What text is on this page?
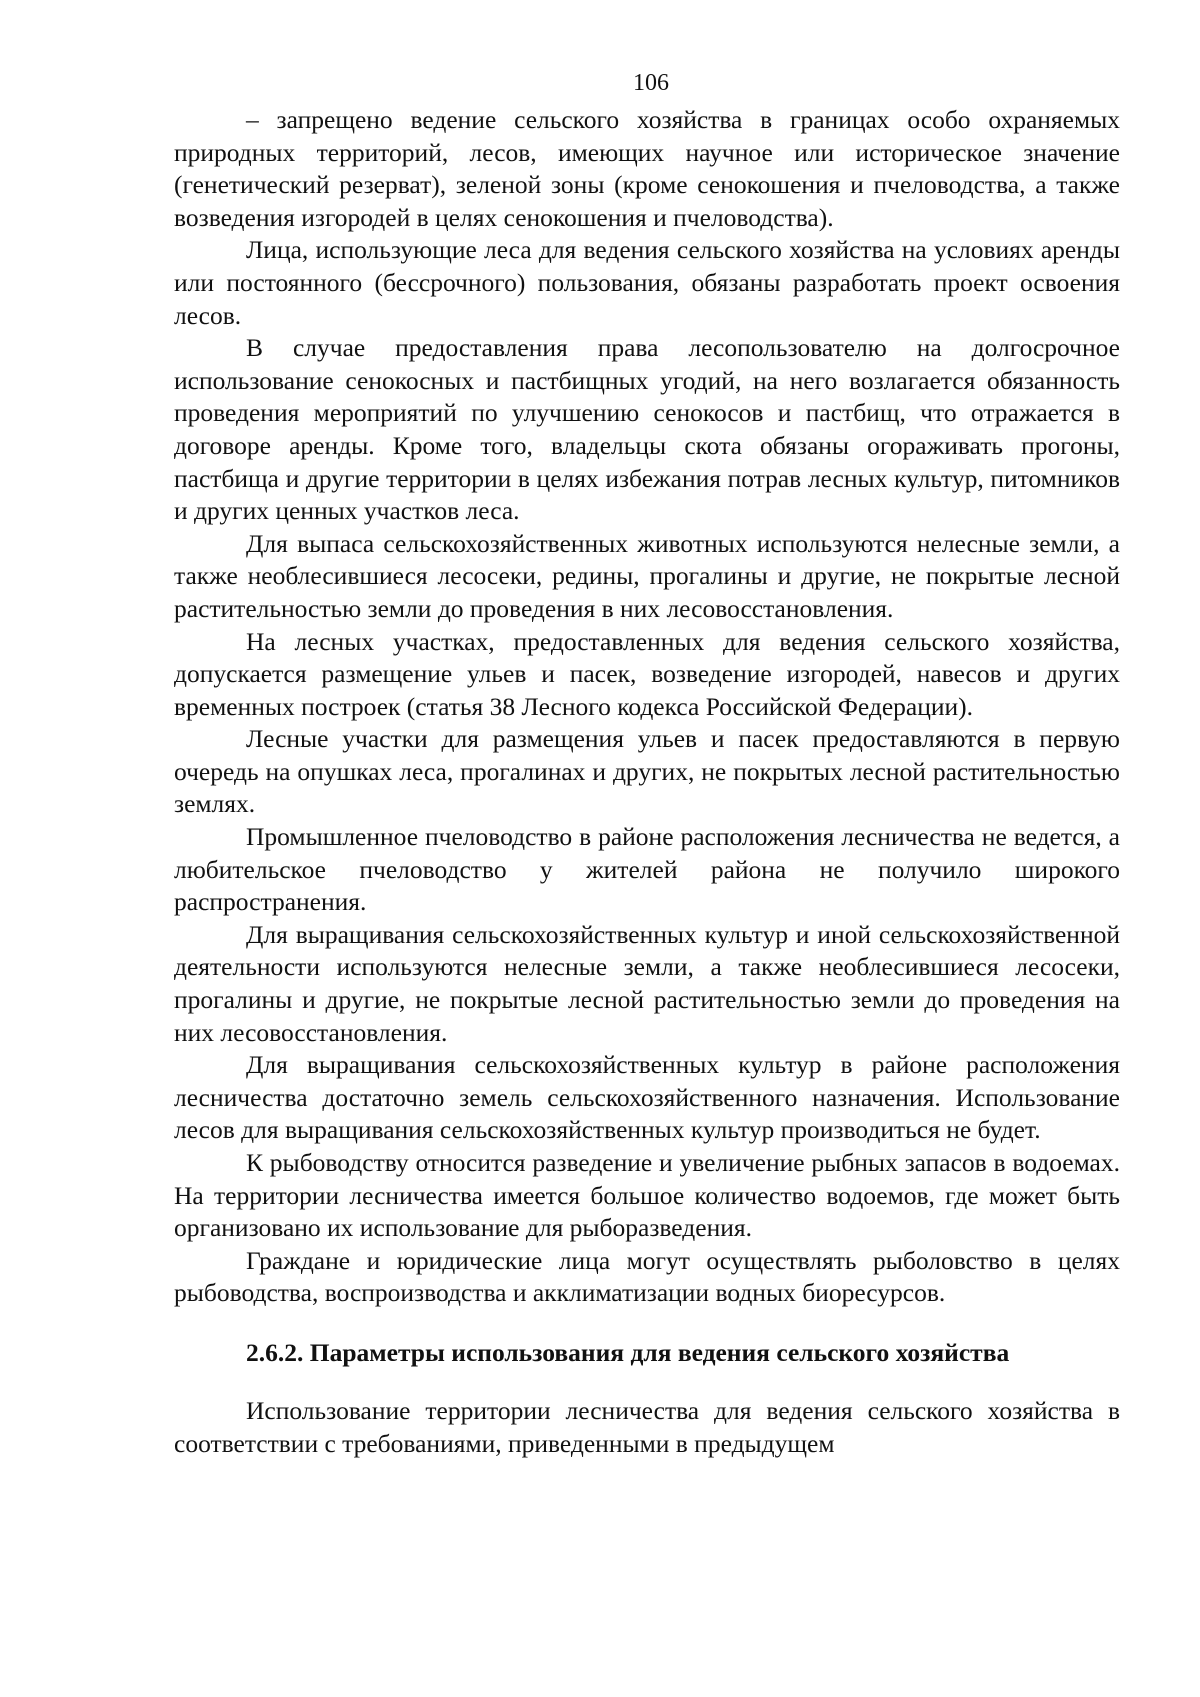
106

– запрещено ведение сельского хозяйства в границах особо охраняемых природных территорий, лесов, имеющих научное или историческое значение (генетический резерват), зеленой зоны (кроме сенокошения и пчеловодства, а также возведения изгородей в целях сенокошения и пчеловодства).

Лица, использующие леса для ведения сельского хозяйства на условиях аренды или постоянного (бессрочного) пользования, обязаны разработать проект освоения лесов.

В случае предоставления права лесопользователю на долгосрочное использование сенокосных и пастбищных угодий, на него возлагается обязанность проведения мероприятий по улучшению сенокосов и пастбищ, что отражается в договоре аренды. Кроме того, владельцы скота обязаны огораживать прогоны, пастбища и другие территории в целях избежания потрав лесных культур, питомников и других ценных участков леса.

Для выпаса сельскохозяйственных животных используются нелесные земли, а также необлесившиеся лесосеки, редины, прогалины и другие, не покрытые лесной растительностью земли до проведения в них лесовосстановления.

На лесных участках, предоставленных для ведения сельского хозяйства, допускается размещение ульев и пасек, возведение изгородей, навесов и других временных построек (статья 38 Лесного кодекса Российской Федерации).

Лесные участки для размещения ульев и пасек предоставляются в первую очередь на опушках леса, прогалинах и других, не покрытых лесной растительностью землях.

Промышленное пчеловодство в районе расположения лесничества не ведется, а любительское пчеловодство у жителей района не получило широкого распространения.

Для выращивания сельскохозяйственных культур и иной сельскохозяйственной деятельности используются нелесные земли, а также необлесившиеся лесосеки, прогалины и другие, не покрытые лесной растительностью земли до проведения на них лесовосстановления.

Для выращивания сельскохозяйственных культур в районе расположения лесничества достаточно земель сельскохозяйственного назначения. Использование лесов для выращивания сельскохозяйственных культур производиться не будет.

К рыбоводству относится разведение и увеличение рыбных запасов в водоемах. На территории лесничества имеется большое количество водоемов, где может быть организовано их использование для рыборазведения.

Граждане и юридические лица могут осуществлять рыболовство в целях рыбоводства, воспроизводства и акклиматизации водных биоресурсов.

2.6.2. Параметры использования для ведения сельского хозяйства

Использование территории лесничества для ведения сельского хозяйства в соответствии с требованиями, приведенными в предыдущем
